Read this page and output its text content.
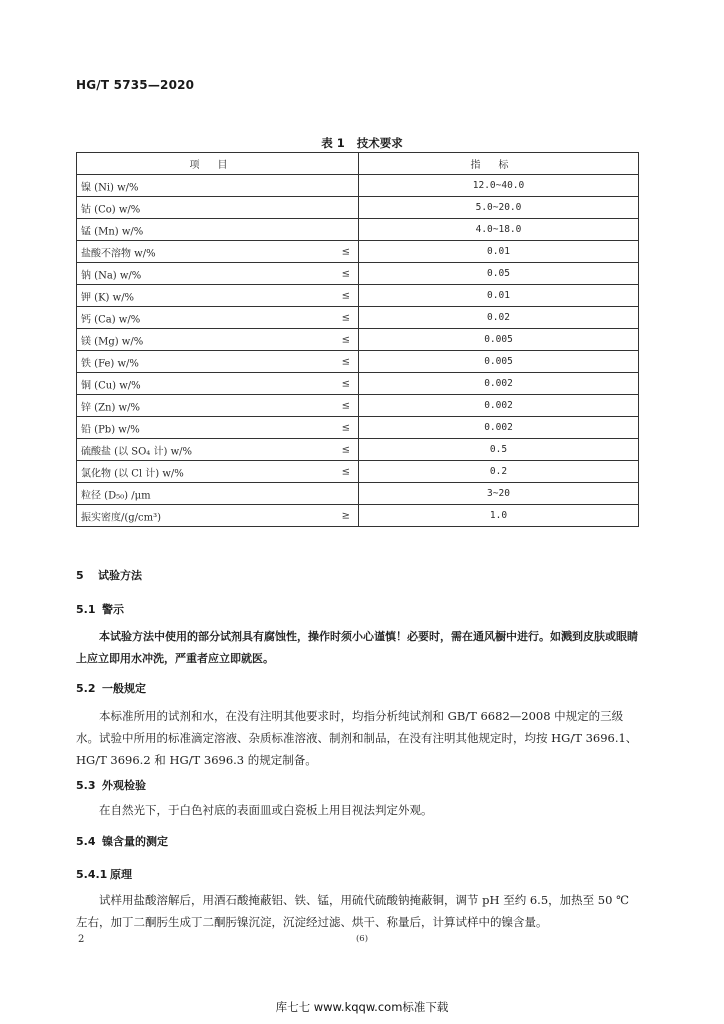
HG/T 5735—2020
表 1 技术要求
项目	指标

镍 (Ni) w/%	12.0~40.0

钴 (Co) w/%	5.0~20.0

锰 (Mn) w/%	4.0~18.0

盐酸不溶物 w/% ≤	0.01

钠 (Na) w/% ≤	0.05

钾 (K) w/% ≤	0.01

钙 (Ca) w/% ≤	0.02

镁 (Mg) w/% ≤	0.005

铁 (Fe) w/% ≤	0.005

铜 (Cu) w/% ≤	0.002

锌 (Zn) w/% ≤	0.002

铅 (Pb) w/% ≤	0.002

硫酸盐 (以 SO₄ 计) w/% ≤	0.5

氯化物 (以 Cl 计) w/% ≤	0.2

粒径 (D₅₀) /μm	3~20

振实密度/(g/cm³) ≥	1.0
5 试验方法
5.1 警示
本试验方法中使用的部分试剂具有腐蚀性，操作时须小心谨慎！必要时，需在通风橱中进行。如溅到皮肤或眼睛上应立即用水冲洗，严重者应立即就医。
5.2 一般规定
本标准所用的试剂和水，在没有注明其他要求时，均指分析纯试剂和 GB/T 6682—2008 中规定的三级水。试验中所用的标准滴定溶液、杂质标准溶液、制剂和制品，在没有注明其他规定时，均按 HG/T 3696.1、HG/T 3696.2 和 HG/T 3696.3 的规定制备。
5.3 外观检验
在自然光下，于白色衬底的表面皿或白瓷板上用目视法判定外观。
5.4 镍含量的测定
5.4.1 原理
试样用盐酸溶解后，用酒石酸掩蔽铝、铁、锰，用硫代硫酸钠掩蔽铜，调节 pH 至约 6.5，加热至 50 ℃左右，加丁二酮肟生成丁二酮肟镍沉淀，沉淀经过滤、烘干、称量后，计算试样中的镍含量。
2	(6)
库七七 www.kqqw.com标准下载
